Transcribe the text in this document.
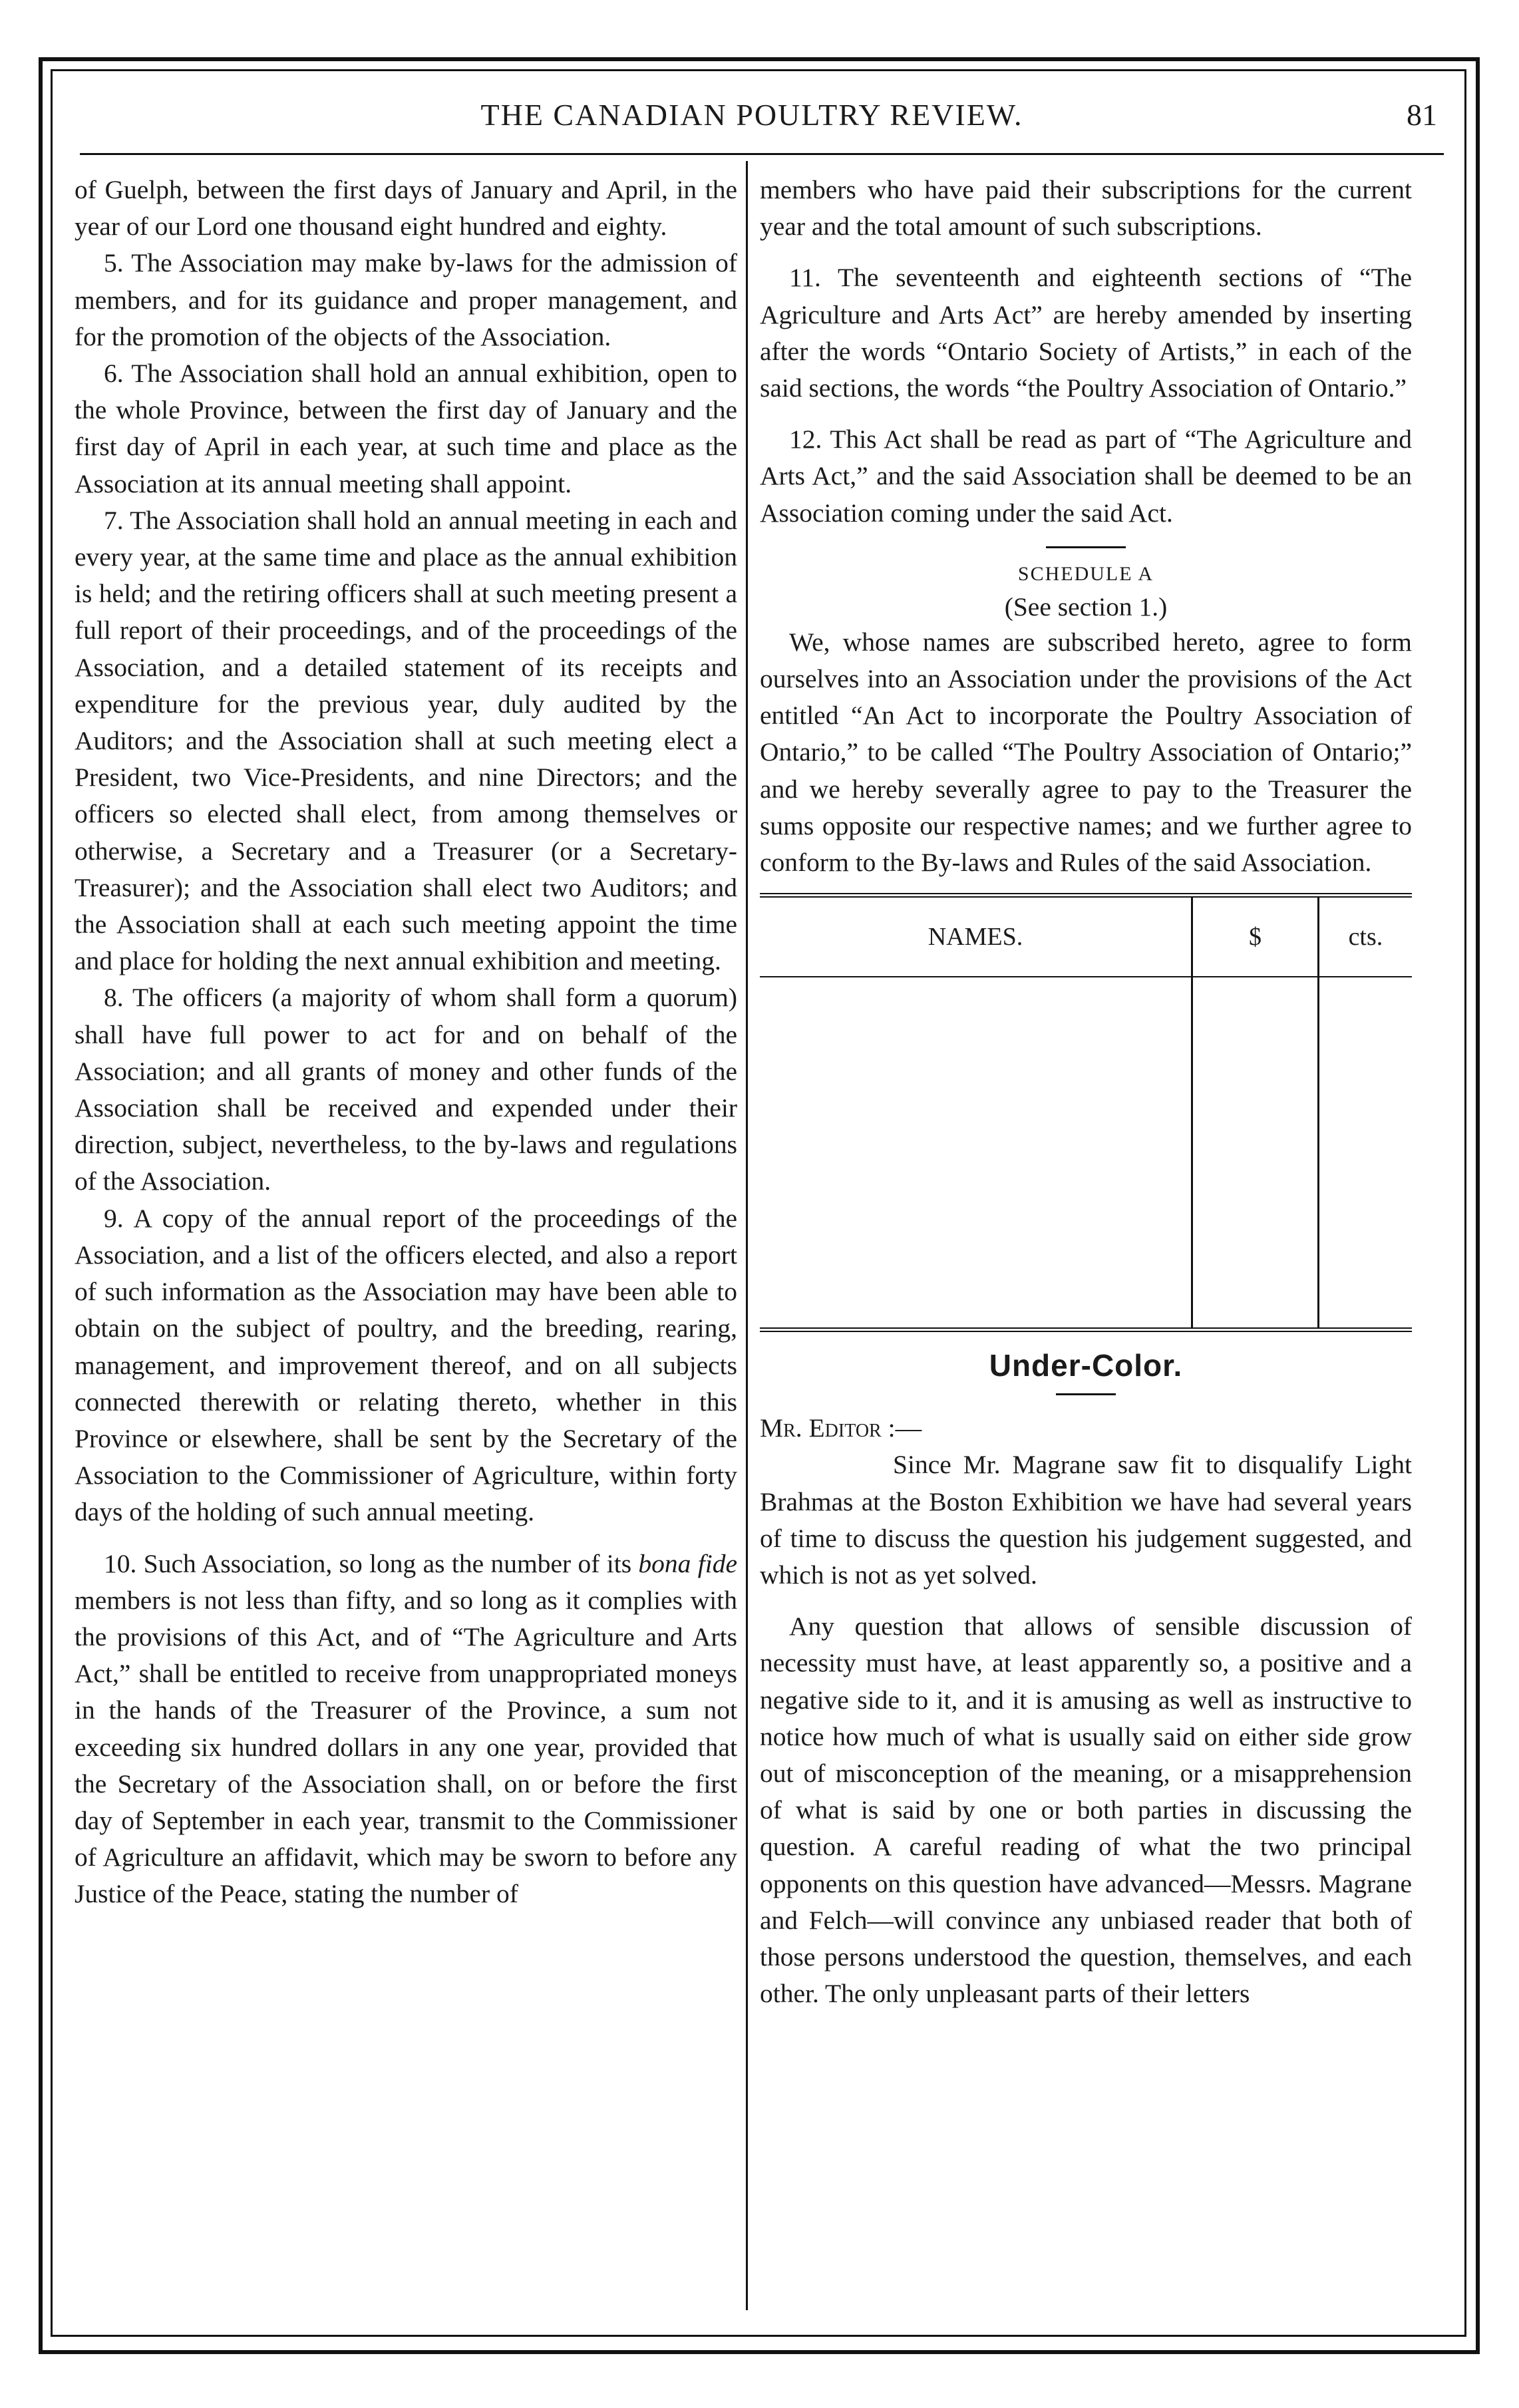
THE CANADIAN POULTRY REVIEW.	81

of Guelph, between the first days of January and April, in the year of our Lord one thousand eight hundred and eighty.

5. The Association may make by-laws for the admission of members, and for its guidance and proper management, and for the promotion of the objects of the Association.

6. The Association shall hold an annual exhibition, open to the whole Province, between the first day of January and the first day of April in each year, at such time and place as the Association at its annual meeting shall appoint.

7. The Association shall hold an annual meeting in each and every year, at the same time and place as the annual exhibition is held; and the retiring officers shall at such meeting present a full report of their proceedings, and of the proceedings of the Association, and a detailed statement of its receipts and expenditure for the previous year, duly audited by the Auditors; and the Association shall at such meeting elect a President, two Vice-Presidents, and nine Directors; and the officers so elected shall elect, from among themselves or otherwise, a Secretary and a Treasurer (or a Secretary-Treasurer); and the Association shall elect two Auditors; and the Association shall at each such meeting appoint the time and place for holding the next annual exhibition and meeting.

8. The officers (a majority of whom shall form a quorum) shall have full power to act for and on behalf of the Association; and all grants of money and other funds of the Association shall be received and expended under their direction, subject, nevertheless, to the by-laws and regulations of the Association.

9. A copy of the annual report of the proceedings of the Association, and a list of the officers elected, and also a report of such information as the Association may have been able to obtain on the subject of poultry, and the breeding, rearing, management, and improvement thereof, and on all subjects connected therewith or relating thereto, whether in this Province or elsewhere, shall be sent by the Secretary of the Association to the Commissioner of Agriculture, within forty days of the holding of such annual meeting.

10. Such Association, so long as the number of its bona fide members is not less than fifty, and so long as it complies with the provisions of this Act, and of “The Agriculture and Arts Act,” shall be entitled to receive from unappropriated moneys in the hands of the Treasurer of the Province, a sum not exceeding six hundred dollars in any one year, provided that the Secretary of the Association shall, on or before the first day of September in each year, transmit to the Commissioner of Agriculture an affidavit, which may be sworn to before any Justice of the Peace, stating the number of

members who have paid their subscriptions for the current year and the total amount of such subscriptions.

11. The seventeenth and eighteenth sections of “The Agriculture and Arts Act” are hereby amended by inserting after the words “Ontario Society of Artists,” in each of the said sections, the words “the Poultry Association of Ontario.”

12. This Act shall be read as part of “The Agriculture and Arts Act,” and the said Association shall be deemed to be an Association coming under the said Act.

SCHEDULE A
(See section 1.)

We, whose names are subscribed hereto, agree to form ourselves into an Association under the provisions of the Act entitled “An Act to incorporate the Poultry Association of Ontario,” to be called “The Poultry Association of Ontario;” and we hereby severally agree to pay to the Treasurer the sums opposite our respective names; and we further agree to conform to the By-laws and Rules of the said Association.

NAMES.	$	cts.
Under-Color.

Mr. Editor :—

Since Mr. Magrane saw fit to disqualify Light Brahmas at the Boston Exhibition we have had several years of time to discuss the question his judgement suggested, and which is not as yet solved.

Any question that allows of sensible discussion of necessity must have, at least apparently so, a positive and a negative side to it, and it is amusing as well as instructive to notice how much of what is usually said on either side grow out of misconception of the meaning, or a misapprehension of what is said by one or both parties in discussing the question. A careful reading of what the two principal opponents on this question have advanced—Messrs. Magrane and Felch—will convince any unbiased reader that both of those persons understood the question, themselves, and each other. The only unpleasant parts of their letters
